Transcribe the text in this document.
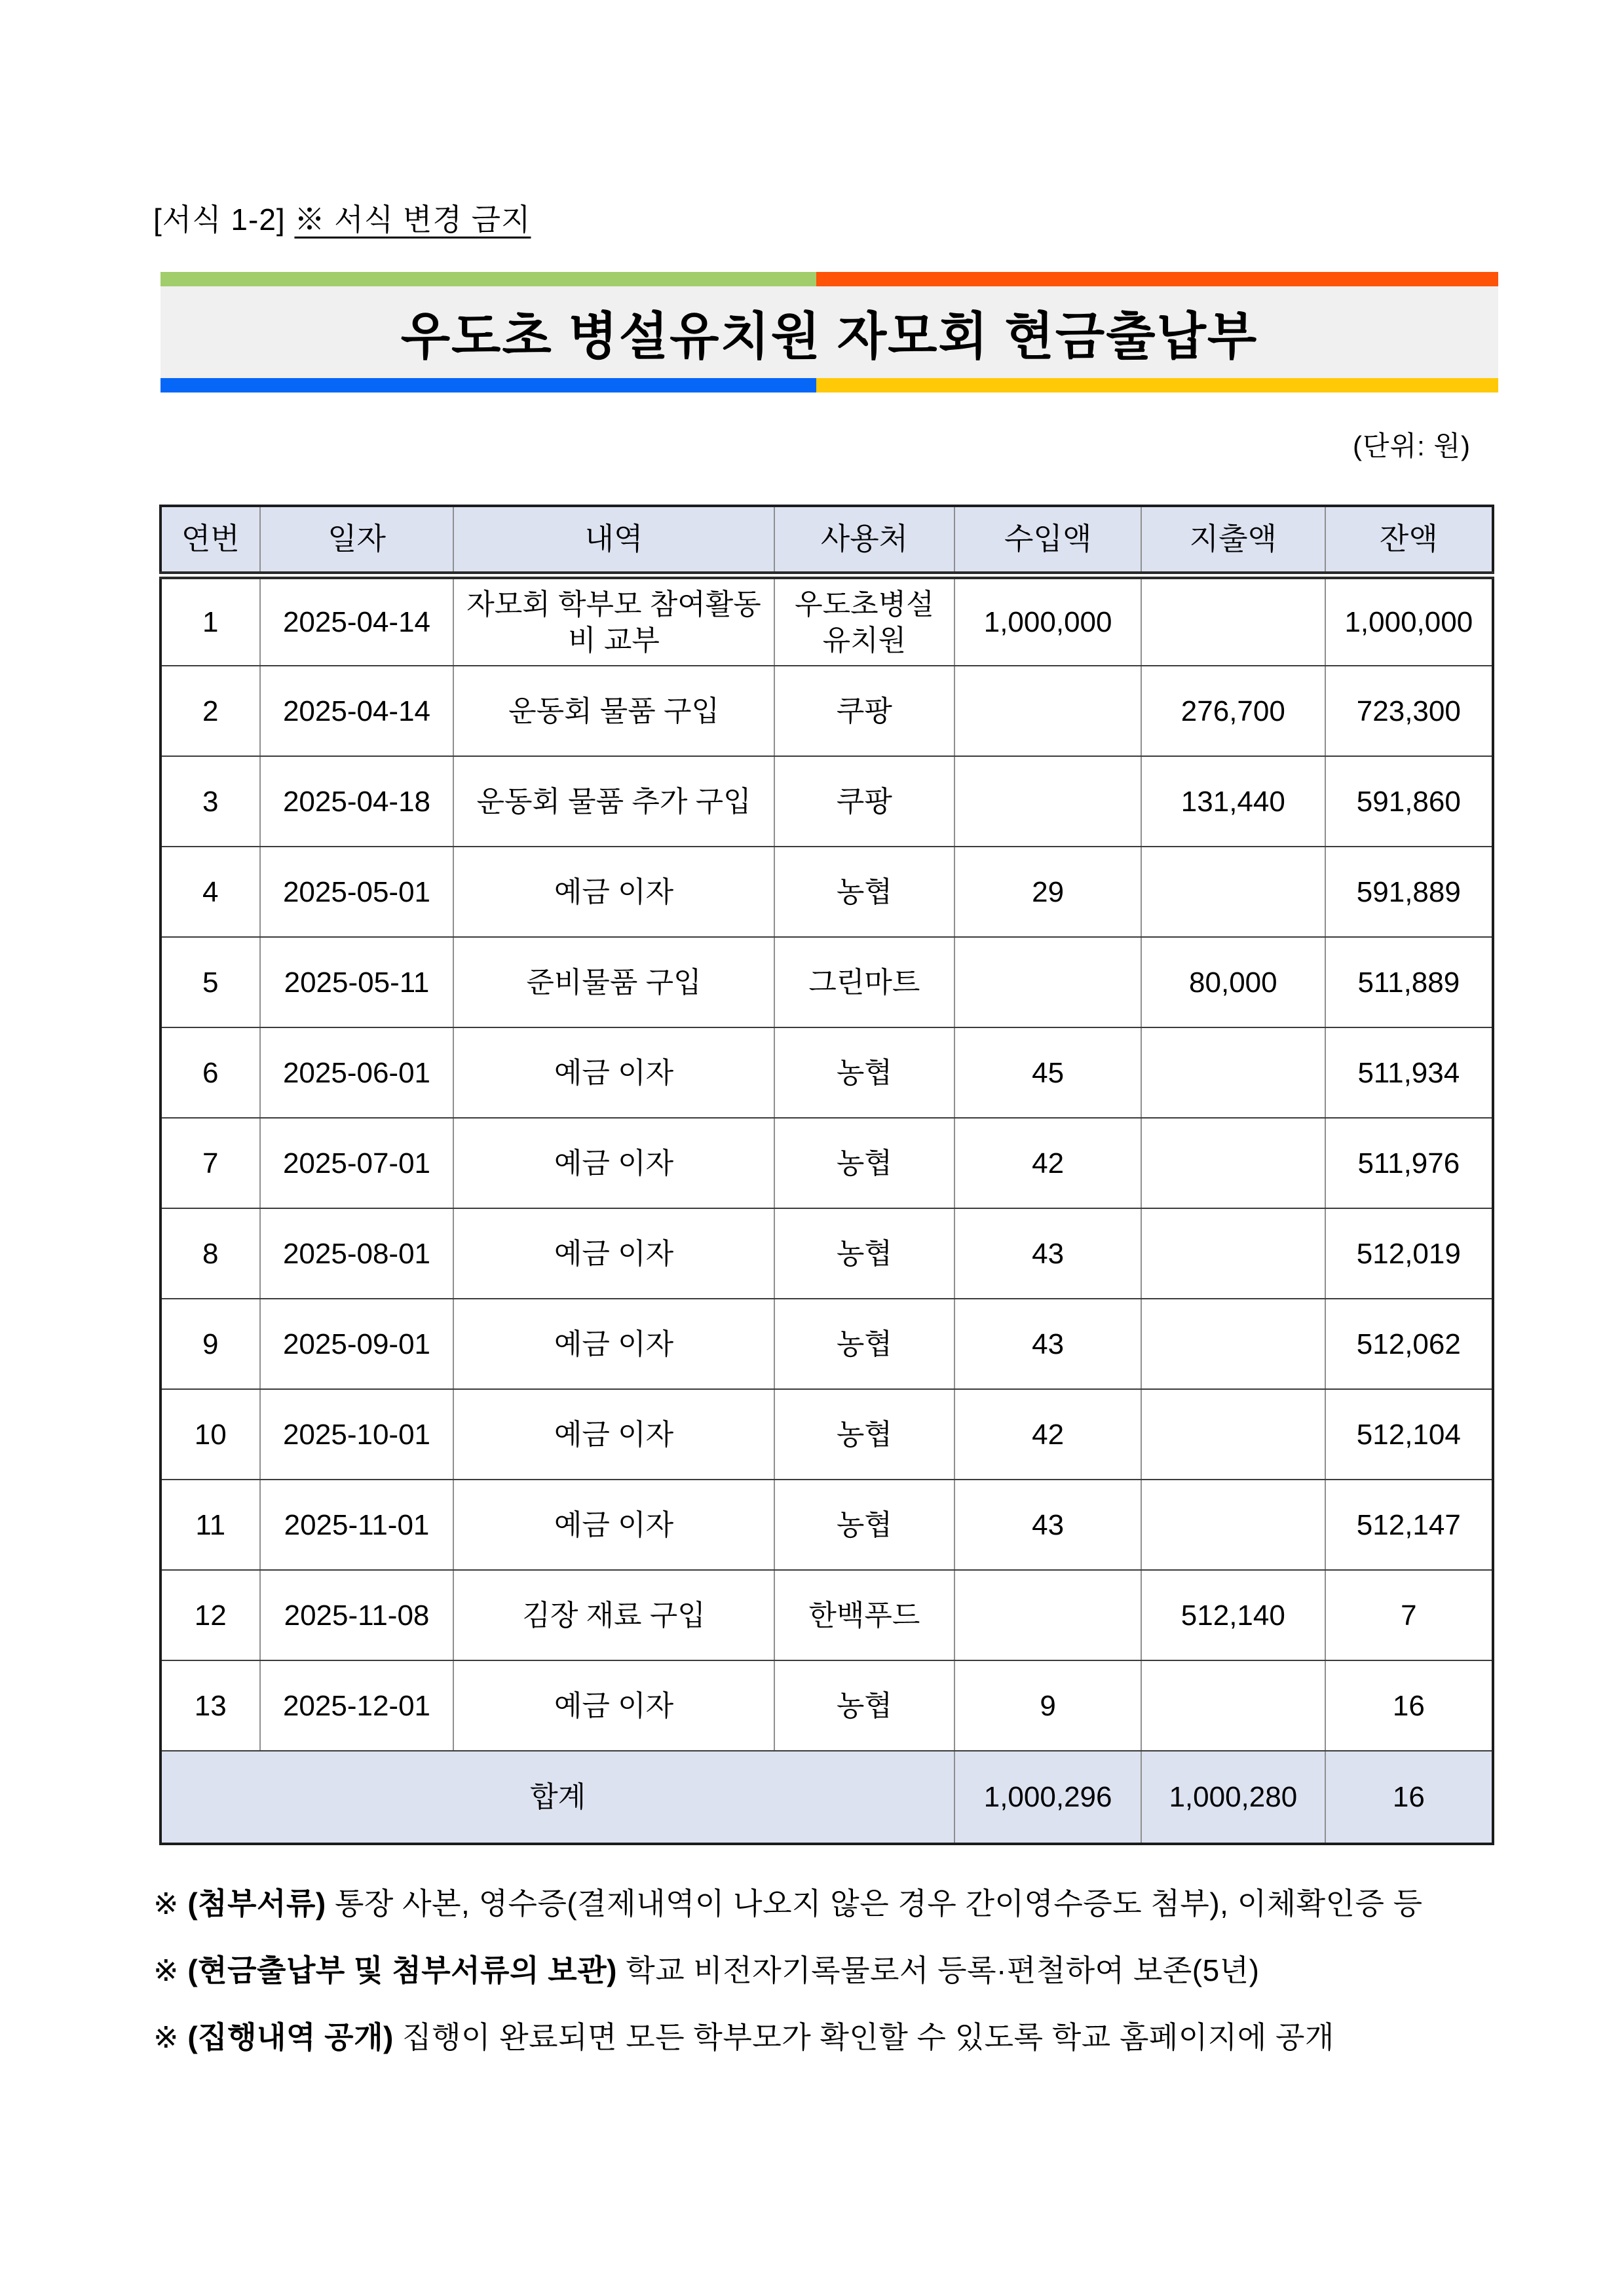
[서식 1-2] ※ 서식 변경 금지
우도초 병설유치원 자모회 현금출납부
(단위: 원)
연번	일자	내역	사용처	수입액	지출액	잔액
1	2025-04-14	자모회 학부모 참여활동비 교부	우도초병설유치원	1,000,000		1,000,000
2	2025-04-14	운동회 물품 구입	쿠팡		276,700	723,300
3	2025-04-18	운동회 물품 추가 구입	쿠팡		131,440	591,860
4	2025-05-01	예금 이자	농협	29		591,889
5	2025-05-11	준비물품 구입	그린마트		80,000	511,889
6	2025-06-01	예금 이자	농협	45		511,934
7	2025-07-01	예금 이자	농협	42		511,976
8	2025-08-01	예금 이자	농협	43		512,019
9	2025-09-01	예금 이자	농협	43		512,062
10	2025-10-01	예금 이자	농협	42		512,104
11	2025-11-01	예금 이자	농협	43		512,147
12	2025-11-08	김장 재료 구입	한백푸드		512,140	7
13	2025-12-01	예금 이자	농협	9		16
합계				1,000,296	1,000,280	16
※ (첨부서류) 통장 사본, 영수증(결제내역이 나오지 않은 경우 간이영수증도 첨부), 이체확인증 등
※ (현금출납부 및 첨부서류의 보관) 학교 비전자기록물로서 등록·편철하여 보존(5년)
※ (집행내역 공개) 집행이 완료되면 모든 학부모가 확인할 수 있도록 학교 홈페이지에 공개
